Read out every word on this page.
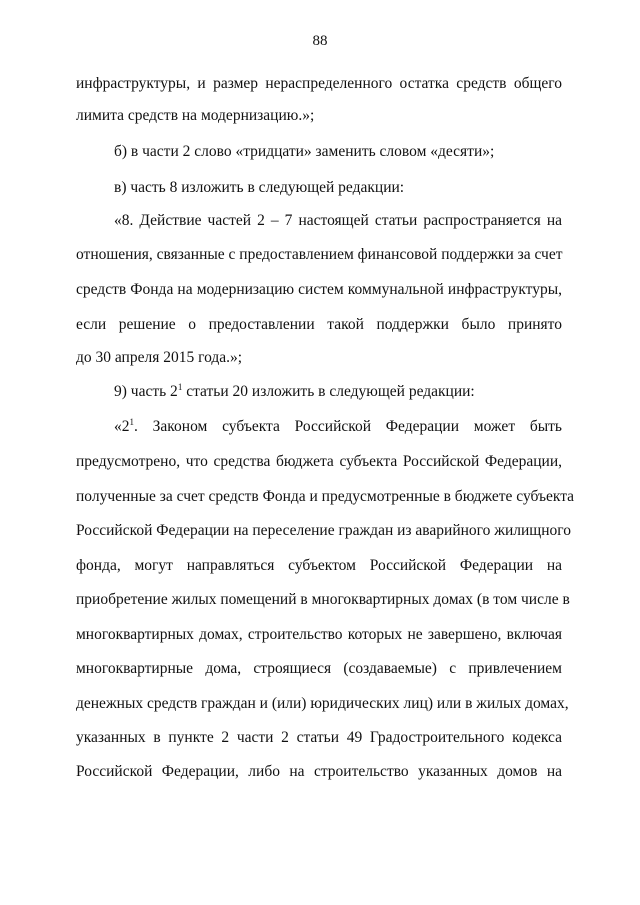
88
инфраструктуры, и размер нераспределенного остатка средств общего
лимита средств на модернизацию.»;
б) в части 2 слово «тридцати» заменить словом «десяти»;
в) часть 8 изложить в следующей редакции:
«8. Действие частей 2 – 7 настоящей статьи распространяется на
отношения, связанные с предоставлением финансовой поддержки за счет
средств Фонда на модернизацию систем коммунальной инфраструктуры,
если решение о предоставлении такой поддержки было принято
до 30 апреля 2015 года.»;
9) часть $2^1$ статьи 20 изложить в следующей редакции:
«$2^1$. Законом субъекта Российской Федерации может быть
предусмотрено, что средства бюджета субъекта Российской Федерации,
полученные за счет средств Фонда и предусмотренные в бюджете субъекта
Российской Федерации на переселение граждан из аварийного жилищного
фонда, могут направляться субъектом Российской Федерации на
приобретение жилых помещений в многоквартирных домах (в том числе в
многоквартирных домах, строительство которых не завершено, включая
многоквартирные дома, строящиеся (создаваемые) с привлечением
денежных средств граждан и (или) юридических лиц) или в жилых домах,
указанных в пункте 2 части 2 статьи 49 Градостроительного кодекса
Российской Федерации, либо на строительство указанных домов на
